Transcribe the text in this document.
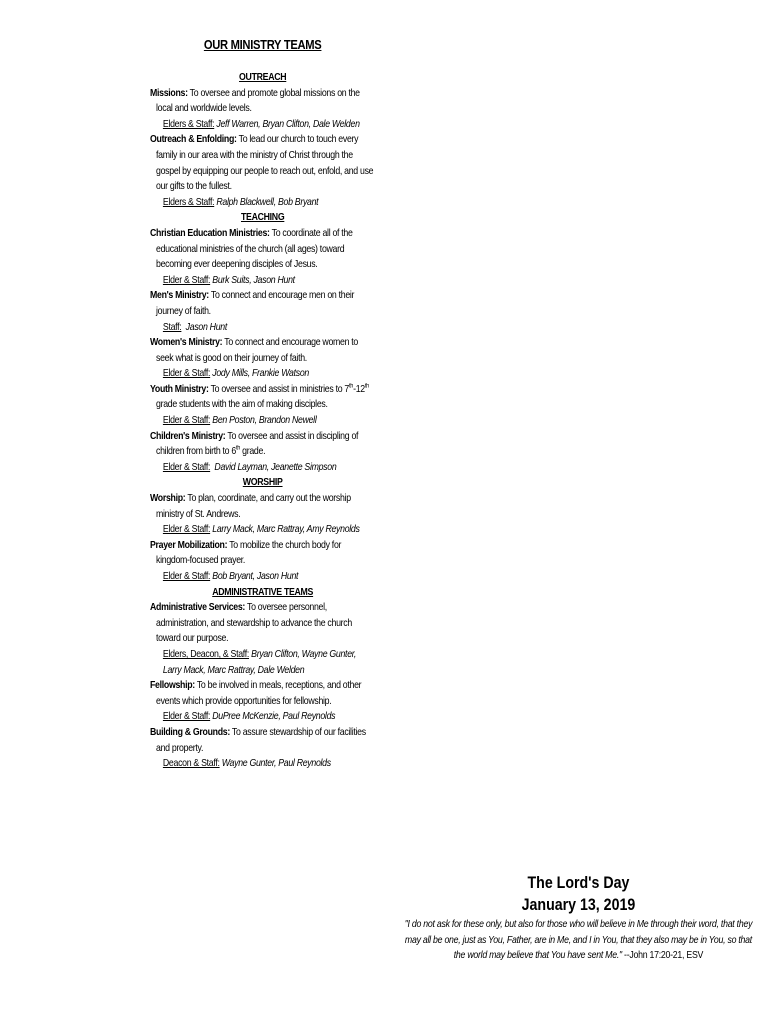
OUR MINISTRY TEAMS
OUTREACH
Missions: To oversee and promote global missions on the local and worldwide levels.
Elders & Staff: Jeff Warren, Bryan Clifton, Dale Welden
Outreach & Enfolding: To lead our church to touch every family in our area with the ministry of Christ through the gospel by equipping our people to reach out, enfold, and use our gifts to the fullest.
Elders & Staff: Ralph Blackwell, Bob Bryant
TEACHING
Christian Education Ministries: To coordinate all of the educational ministries of the church (all ages) toward becoming ever deepening disciples of Jesus.
Elder & Staff: Burk Suits, Jason Hunt
Men's Ministry: To connect and encourage men on their journey of faith.
Staff: Jason Hunt
Women's Ministry: To connect and encourage women to seek what is good on their journey of faith.
Elder & Staff: Jody Mills, Frankie Watson
Youth Ministry: To oversee and assist in ministries to 7th-12th grade students with the aim of making disciples.
Elder & Staff: Ben Poston, Brandon Newell
Children's Ministry: To oversee and assist in discipling of children from birth to 6th grade.
Elder & Staff: David Layman, Jeanette Simpson
WORSHIP
Worship: To plan, coordinate, and carry out the worship ministry of St. Andrews.
Elder & Staff: Larry Mack, Marc Rattray, Amy Reynolds
Prayer Mobilization: To mobilize the church body for kingdom-focused prayer.
Elder & Staff: Bob Bryant, Jason Hunt
ADMINISTRATIVE TEAMS
Administrative Services: To oversee personnel, administration, and stewardship to advance the church toward our purpose.
Elders, Deacon, & Staff: Bryan Clifton, Wayne Gunter, Larry Mack, Marc Rattray, Dale Welden
Fellowship: To be involved in meals, receptions, and other events which provide opportunities for fellowship.
Elder & Staff: DuPree McKenzie, Paul Reynolds
Building & Grounds: To assure stewardship of our facilities and property.
Deacon & Staff: Wayne Gunter, Paul Reynolds
The Lord's Day
January 13, 2019
"I do not ask for these only, but also for those who will believe in Me through their word, that they may all be one, just as You, Father, are in Me, and I in You, that they also may be in You, so that the world may believe that You have sent Me." --John 17:20-21, ESV
